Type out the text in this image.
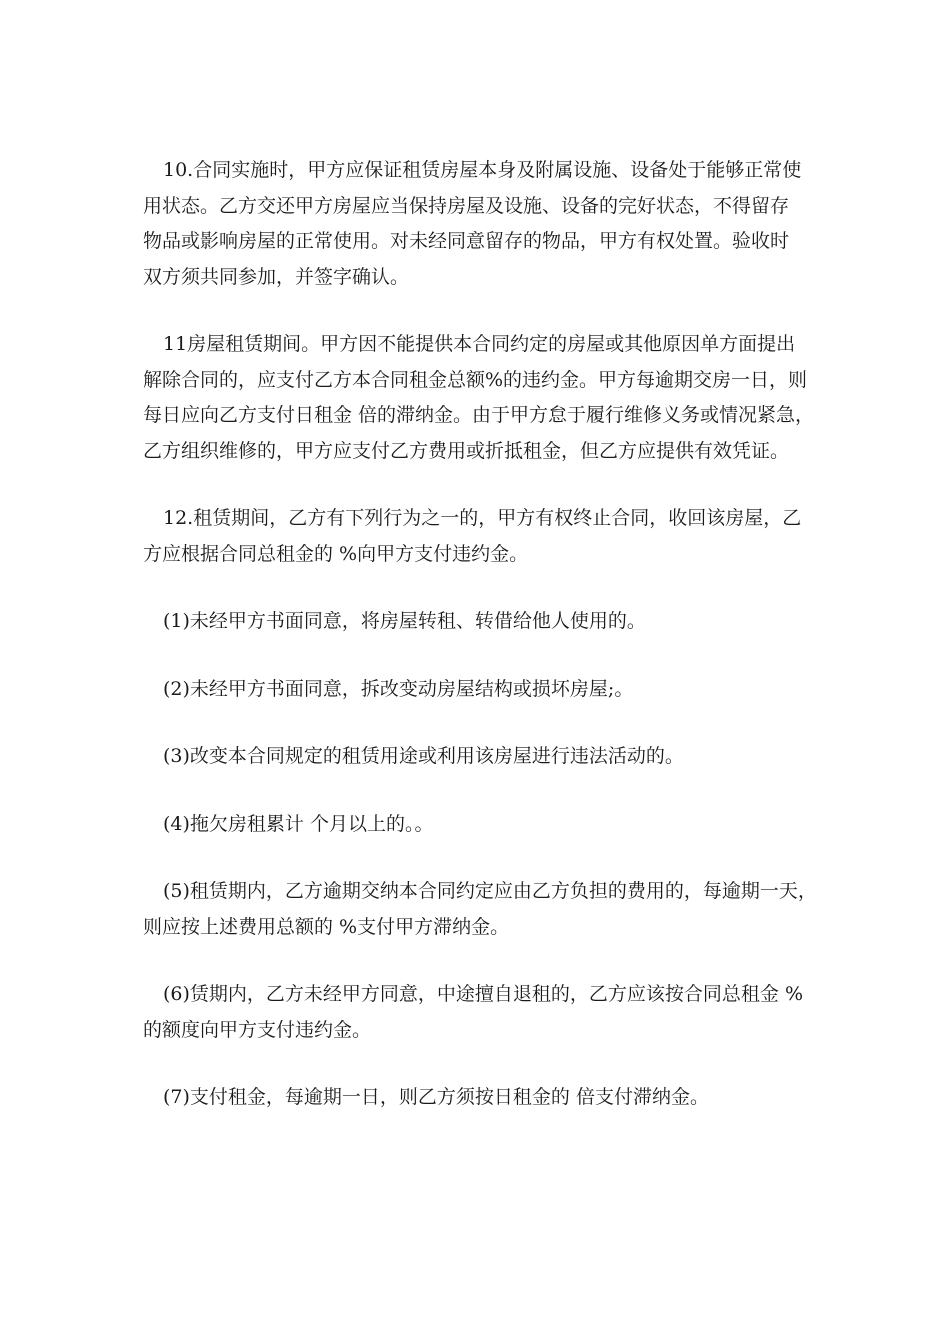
10.合同实施时，甲方应保证租赁房屋本身及附属设施、设备处于能够正常使
用状态。乙方交还甲方房屋应当保持房屋及设施、设备的完好状态，不得留存
物品或影响房屋的正常使用。对未经同意留存的物品，甲方有权处置。验收时
双方须共同参加，并签字确认。
11房屋租赁期间。甲方因不能提供本合同约定的房屋或其他原因单方面提出
解除合同的，应支付乙方本合同租金总额%的违约金。甲方每逾期交房一日，则
每日应向乙方支付日租金 倍的滞纳金。由于甲方怠于履行维修义务或情况紧急，
乙方组织维修的，甲方应支付乙方费用或折抵租金，但乙方应提供有效凭证。
12.租赁期间，乙方有下列行为之一的，甲方有权终止合同，收回该房屋，乙
方应根据合同总租金的 %向甲方支付违约金。
(1)未经甲方书面同意，将房屋转租、转借给他人使用的。
(2)未经甲方书面同意，拆改变动房屋结构或损坏房屋;。
(3)改变本合同规定的租赁用途或利用该房屋进行违法活动的。
(4)拖欠房租累计 个月以上的。。
(5)租赁期内，乙方逾期交纳本合同约定应由乙方负担的费用的，每逾期一天，
则应按上述费用总额的 %支付甲方滞纳金。
(6)赁期内，乙方未经甲方同意，中途擅自退租的，乙方应该按合同总租金 %
的额度向甲方支付违约金。
(7)支付租金，每逾期一日，则乙方须按日租金的 倍支付滞纳金。
